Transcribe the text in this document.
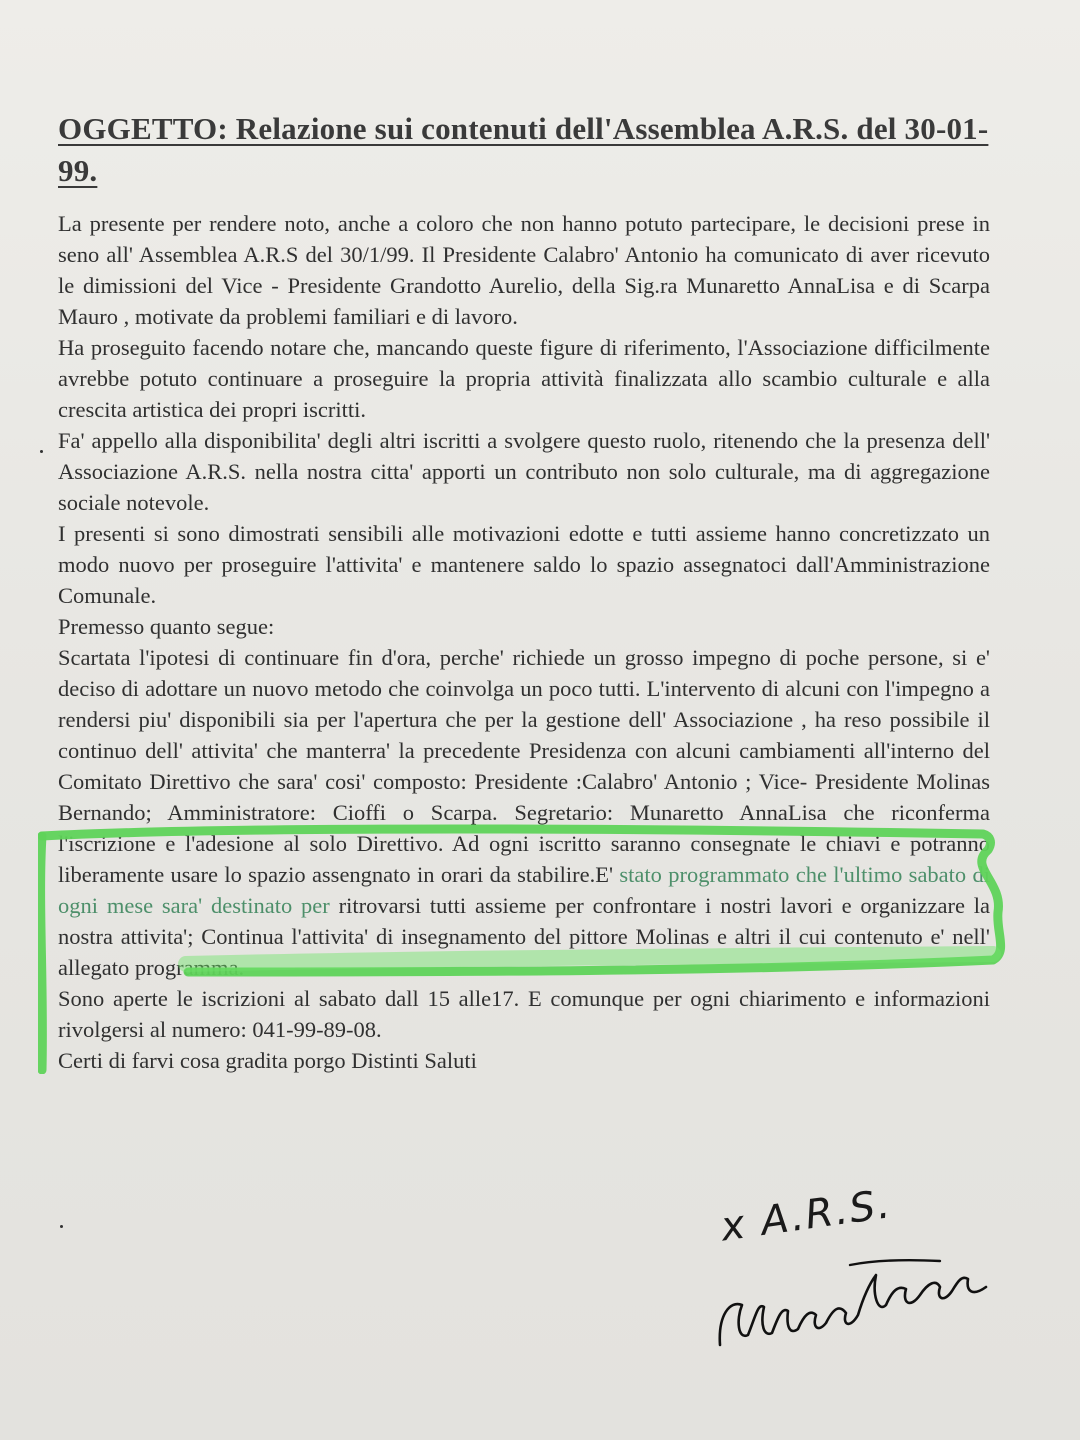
OGGETTO: Relazione sui contenuti dell'Assemblea A.R.S. del 30-01-99.

La presente per rendere noto, anche a coloro che non hanno potuto partecipare, le decisioni prese in seno all' Assemblea A.R.S del 30/1/99. Il Presidente Calabro' Antonio ha comunicato di aver ricevuto le dimissioni del Vice - Presidente Grandotto Aurelio, della Sig.ra Munaretto AnnaLisa e di Scarpa Mauro , motivate da problemi familiari e di lavoro.

Ha proseguito facendo notare che, mancando queste figure di riferimento, l'Associazione difficilmente avrebbe potuto continuare a proseguire la propria attività finalizzata allo scambio culturale e alla crescita artistica dei propri iscritti.

Fa' appello alla disponibilita' degli altri iscritti a svolgere questo ruolo, ritenendo che la presenza dell' Associazione A.R.S. nella nostra citta' apporti un contributo non solo culturale, ma di aggregazione sociale notevole.

I presenti si sono dimostrati sensibili alle motivazioni edotte e tutti assieme hanno concretizzato un modo nuovo per proseguire l'attivita' e mantenere saldo lo spazio assegnatoci dall'Amministrazione Comunale.

Premesso quanto segue:

Scartata l'ipotesi di continuare fin d'ora, perche' richiede un grosso impegno di poche persone, si e' deciso di adottare un nuovo metodo che coinvolga un poco tutti. L'intervento di alcuni con l'impegno a rendersi piu' disponibili sia per l'apertura che per la gestione dell' Associazione , ha reso possibile il continuo dell' attivita' che manterra' la precedente Presidenza con alcuni cambiamenti all'interno del Comitato Direttivo che sara' cosi' composto: Presidente :Calabro' Antonio ; Vice- Presidente Molinas Bernando; Amministratore: Cioffi o Scarpa. Segretario: Munaretto AnnaLisa che riconferma l'iscrizione e l'adesione al solo Direttivo. Ad ogni iscritto saranno consegnate le chiavi e potranno liberamente usare lo spazio assengnato in orari da stabilire.E' stato programmato che l'ultimo sabato di ogni mese sara' destinato per ritrovarsi tutti assieme per confrontare i nostri lavori e organizzare la nostra attivita'; Continua l'attivita' di insegnamento del pittore Molinas e altri il cui contenuto e' nell' allegato programma.

Sono aperte le iscrizioni al sabato dall 15 alle17. E comunque per ogni chiarimento e informazioni rivolgersi al numero: 041-99-89-08.

Certi di farvi cosa gradita porgo Distinti Saluti

x A.R.S.
